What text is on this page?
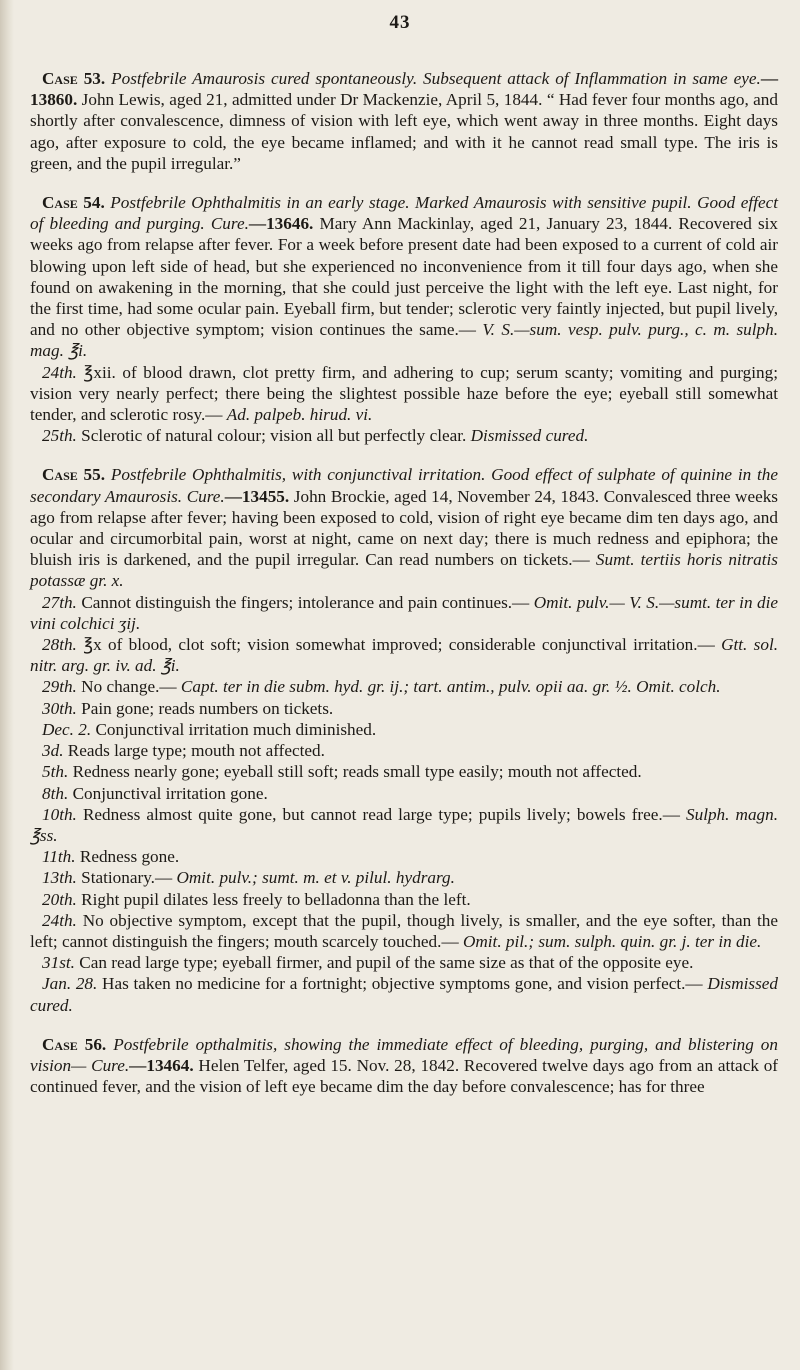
43

Case 53. Postfebrile Amaurosis cured spontaneously. Subsequent attack of Inflammation in same eye.—13860. John Lewis, aged 21, admitted under Dr Mackenzie, April 5, 1844. “ Had fever four months ago, and shortly after convalescence, dimness of vision with left eye, which went away in three months. Eight days ago, after exposure to cold, the eye became inflamed; and with it he cannot read small type. The iris is green, and the pupil irregular.”

Case 54. Postfebrile Ophthalmitis in an early stage. Marked Amaurosis with sensitive pupil. Good effect of bleeding and purging. Cure.—13646. Mary Ann Mackinlay, aged 21, January 23, 1844. Recovered six weeks ago from relapse after fever. For a week before present date had been exposed to a current of cold air blowing upon left side of head, but she experienced no inconvenience from it till four days ago, when she found on awakening in the morning, that she could just perceive the light with the left eye. Last night, for the first time, had some ocular pain. Eyeball firm, but tender; sclerotic very faintly injected, but pupil lively, and no other objective symptom; vision continues the same.— V. S.—sum. vesp. pulv. purg., c. m. sulph. mag. ℥i.

24th. ℥xii. of blood drawn, clot pretty firm, and adhering to cup; serum scanty; vomiting and purging; vision very nearly perfect; there being the slightest possible haze before the eye; eyeball still somewhat tender, and sclerotic rosy.— Ad. palpeb. hirud. vi.

25th. Sclerotic of natural colour; vision all but perfectly clear. Dismissed cured.

Case 55. Postfebrile Ophthalmitis, with conjunctival irritation. Good effect of sulphate of quinine in the secondary Amaurosis. Cure.—13455. John Brockie, aged 14, November 24, 1843. Convalesced three weeks ago from relapse after fever; having been exposed to cold, vision of right eye became dim ten days ago, and ocular and circumorbital pain, worst at night, came on next day; there is much redness and epiphora; the bluish iris is darkened, and the pupil irregular. Can read numbers on tickets.— Sumt. tertiis horis nitratis potassæ gr. x.

27th. Cannot distinguish the fingers; intolerance and pain continues.— Omit. pulv.— V. S.—sumt. ter in die vini colchici ʒij.

28th. ℥x of blood, clot soft; vision somewhat improved; considerable conjunctival irritation.— Gtt. sol. nitr. arg. gr. iv. ad. ℥i.

29th. No change.— Capt. ter in die subm. hyd. gr. ij.; tart. antim., pulv. opii aa. gr. ½. Omit. colch.

30th. Pain gone; reads numbers on tickets.

Dec. 2. Conjunctival irritation much diminished.

3d. Reads large type; mouth not affected.

5th. Redness nearly gone; eyeball still soft; reads small type easily; mouth not affected.

8th. Conjunctival irritation gone.

10th. Redness almost quite gone, but cannot read large type; pupils lively; bowels free.— Sulph. magn. ℥ss.

11th. Redness gone.

13th. Stationary.— Omit. pulv.; sumt. m. et v. pilul. hydrarg.

20th. Right pupil dilates less freely to belladonna than the left.

24th. No objective symptom, except that the pupil, though lively, is smaller, and the eye softer, than the left; cannot distinguish the fingers; mouth scarcely touched.— Omit. pil.; sum. sulph. quin. gr. j. ter in die.

31st. Can read large type; eyeball firmer, and pupil of the same size as that of the opposite eye.

Jan. 28. Has taken no medicine for a fortnight; objective symptoms gone, and vision perfect.— Dismissed cured.

Case 56. Postfebrile opthalmitis, showing the immediate effect of bleeding, purging, and blistering on vision— Cure.—13464. Helen Telfer, aged 15. Nov. 28, 1842. Recovered twelve days ago from an attack of continued fever, and the vision of left eye became dim the day before convalescence; has for three
